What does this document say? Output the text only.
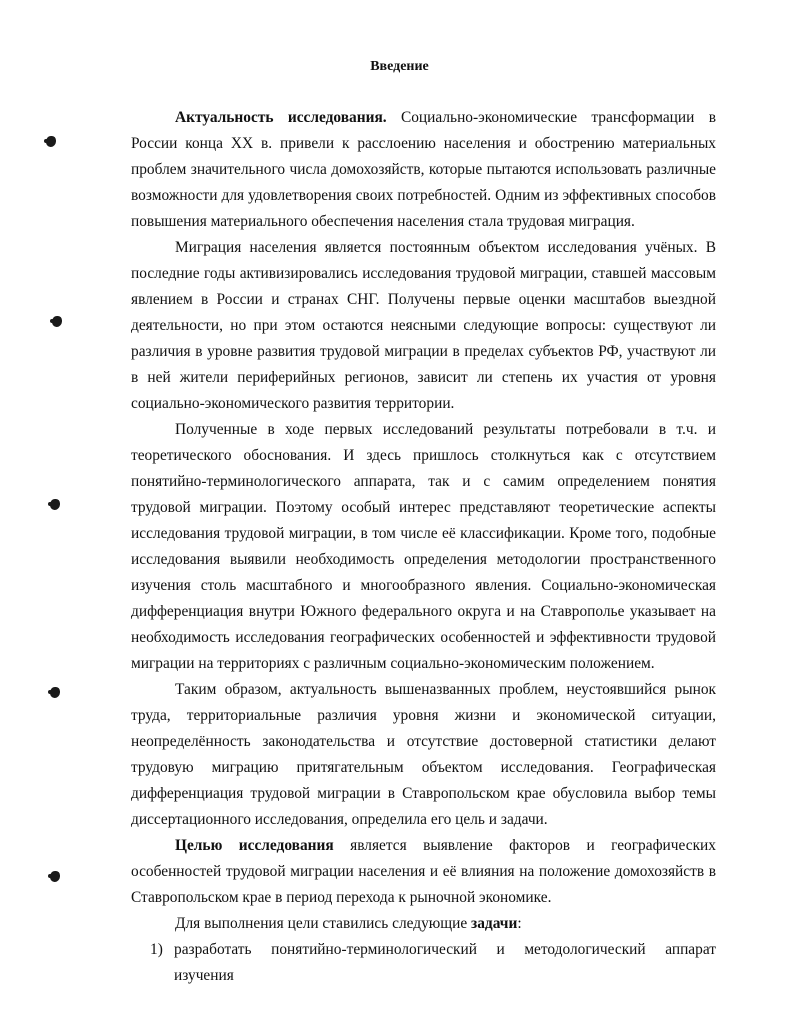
Введение

Актуальность исследования. Социально-экономические трансформации в России конца XX в. привели к расслоению населения и обострению материальных проблем значительного числа домохозяйств, которые пытаются использовать различные возможности для удовлетворения своих потребностей. Одним из эффективных способов повышения материального обеспечения населения стала трудовая миграция.

Миграция населения является постоянным объектом исследования учёных. В последние годы активизировались исследования трудовой миграции, ставшей массовым явлением в России и странах СНГ. Получены первые оценки масштабов выездной деятельности, но при этом остаются неясными следующие вопросы: существуют ли различия в уровне развития трудовой миграции в пределах субъектов РФ, участвуют ли в ней жители периферийных регионов, зависит ли степень их участия от уровня социально-экономического развития территории.

Полученные в ходе первых исследований результаты потребовали в т.ч. и теоретического обоснования. И здесь пришлось столкнуться как с отсутствием понятийно-терминологического аппарата, так и с самим определением понятия трудовой миграции. Поэтому особый интерес представляют теоретические аспекты исследования трудовой миграции, в том числе её классификации. Кроме того, подобные исследования выявили необходимость определения методологии пространственного изучения столь масштабного и многообразного явления. Социально-экономическая дифференциация внутри Южного федерального округа и на Ставрополье указывает на необходимость исследования географических особенностей и эффективности трудовой миграции на территориях с различным социально-экономическим положением.

Таким образом, актуальность вышеназванных проблем, неустоявшийся рынок труда, территориальные различия уровня жизни и экономической ситуации, неопределённость законодательства и отсутствие достоверной статистики делают трудовую миграцию притягательным объектом исследования. Географическая дифференциация трудовой миграции в Ставропольском крае обусловила выбор темы диссертационного исследования, определила его цель и задачи.

Целью исследования является выявление факторов и географических особенностей трудовой миграции населения и её влияния на положение домохозяйств в Ставропольском крае в период перехода к рыночной экономике.

Для выполнения цели ставились следующие задачи:

1) разработать понятийно-терминологический и методологический аппарат изучения
